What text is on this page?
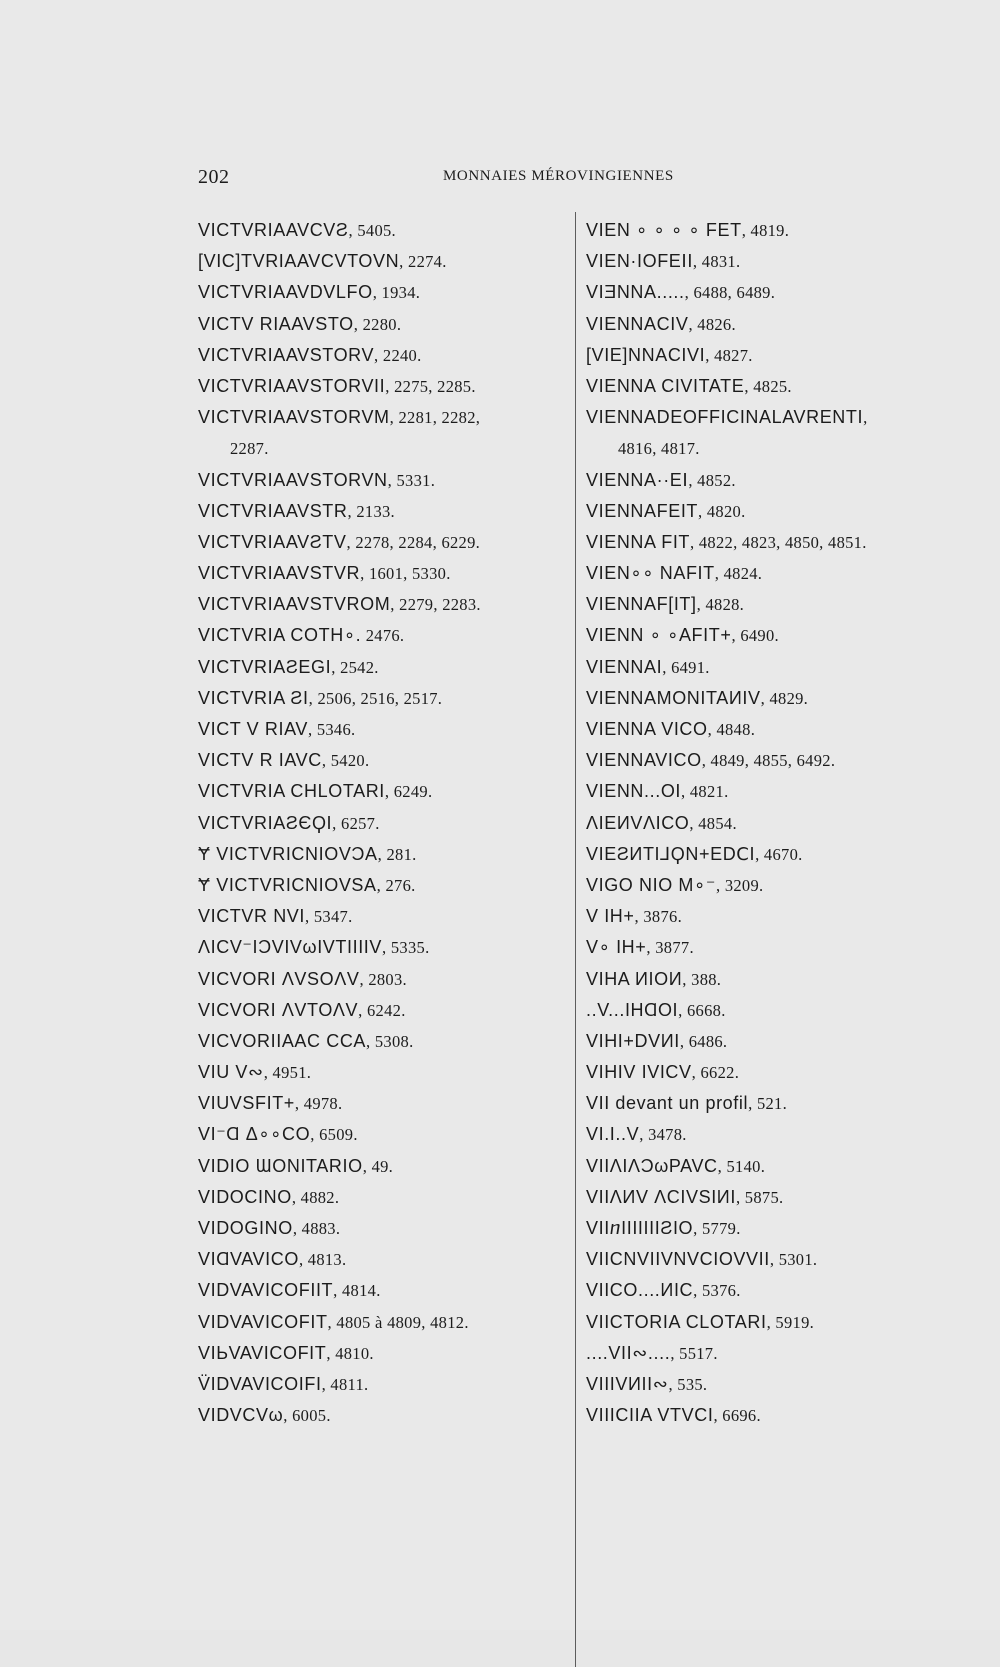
202	MONNAIES MÉROVINGIENNES
VICTVRIAAVCVƧ, 5405.
[VIC]TVRIAAVCVTOVN, 2274.
VICTVRIAAVDVLFO, 1934.
VICTV RIAAVSTO, 2280.
VICTVRIAAVSTORV, 2240.
VICTVRIAAVSTORVII, 2275, 2285.
VICTVRIAAVSTORVM, 2281, 2282,
2287.
VICTVRIAAVSTORVN, 5331.
VICTVRIAAVSTR, 2133.
VICTVRIAAVƧTV, 2278, 2284, 6229.
VICTVRIAAVSTVR, 1601, 5330.
VICTVRIAAVSTVROM, 2279, 2283.
VICTVRIA COTH∘. 2476.
VICTVRIAƧEGI, 2542.
VICTVRIA ƧI, 2506, 2516, 2517.
VICT V RIAV, 5346.
VICTV R IAVC, 5420.
VICTVRIA CHLOTARI, 6249.
VICTVRIAƧЄϘI, 6257.
Ɏ VICTVRICNIOVƆA, 281.
Ɏ VICTVRICNIOVSA, 276.
VICTVR NVI, 5347.
ΛICV⁻IƆVIVωIVTIIIIV, 5335.
VICVORI ΛVSOΛV, 2803.
VICVORI ΛVTOΛV, 6242.
VICVORIIAAC CCA, 5308.
VIU V∾, 4951.
VIUVSFIT+, 4978.
VI⁻Ɑ Δ∘∘CO, 6509.
VIDIO ƜONITARIO, 49.
VIDOCINO, 4882.
VIDOGINO, 4883.
VIⱭVAVICO, 4813.
VIDVAVICOFIIT, 4814.
VIDVAVICOFIT, 4805 à 4809, 4812.
VIЬVAVICOFIT, 4810.
V̈IDVAVICOIFI, 4811.
VIDVCVω, 6005.
VIEN ∘ ∘ ∘ ∘ FET, 4819.
VIEN·IOFEⅠI, 4831.
VIƎNNA....., 6488, 6489.
VIENNACIV, 4826.
[VIE]NNACIVI, 4827.
VIENNA CIVITATE, 4825.
VIENNADEOFFICINALAVRENTI,
4816, 4817.
VIENNA··EⅠ, 4852.
VIENNAFEIT, 4820.
VIENNA FIT, 4822, 4823, 4850, 4851.
VIEN∘∘ NAFIT, 4824.
VIENNAF[IT], 4828.
VIENN ∘ ∘AFIT+, 6490.
VIENNAI, 6491.
VIENNAMONITAИIV, 4829.
VIENNA VICO, 4848.
VIENNAVICO, 4849, 4855, 6492.
VIENN...OI, 4821.
ΛIEИVΛICO, 4854.
VIEƧИTI⅃ϘN+EDⅭI, 4670.
VIGO NIO M∘⁻, 3209.
V IH+, 3876.
V∘ IH+, 3877.
VIHA ИIOИ, 388.
..V...IHⱭOI, 6668.
VIHI+DVИI, 6486.
VIHIV IVICV, 6622.
VII devant un profil, 521.
VI.I..V, 3478.
VIIΛIΛƆωPAVC, 5140.
VIIΛИV ΛCIVSIИI, 5875.
VIIⴖIIIIIIIƧIO, 5779.
VIICNVIIVNVCIOVVII, 5301.
VIICO....ИIC, 5376.
VIICTORIA CLOTARI, 5919.
....VII∾...., 5517.
VIIIVИII∾, 535.
VIIICIIA VTVCI, 6696.
